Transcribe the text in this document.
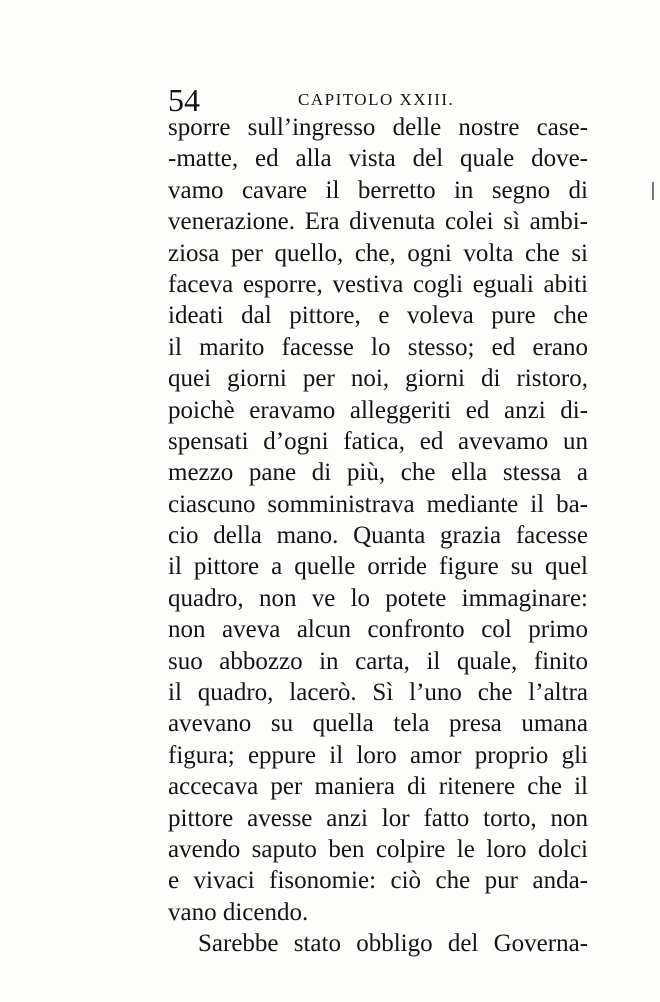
54	CAPITOLO XXIII.
sporre sull’ingresso delle nostre case-
-matte, ed alla vista del quale dove-
vamo cavare il berretto in segno di
venerazione. Era divenuta colei sì ambi-
ziosa per quello, che, ogni volta che si
faceva esporre, vestiva cogli eguali abiti
ideati dal pittore, e voleva pure che
il marito facesse lo stesso; ed erano
quei giorni per noi, giorni di ristoro,
poichè eravamo alleggeriti ed anzi di-
spensati d’ogni fatica, ed avevamo un
mezzo pane di più, che ella stessa a
ciascuno somministrava mediante il ba-
cio della mano. Quanta grazia facesse
il pittore a quelle orride figure su quel
quadro, non ve lo potete immaginare:
non aveva alcun confronto col primo
suo abbozzo in carta, il quale, finito
il quadro, lacerò. Sì l’uno che l’altra
avevano su quella tela presa umana
figura; eppure il loro amor proprio gli
accecava per maniera di ritenere che il
pittore avesse anzi lor fatto torto, non
avendo saputo ben colpire le loro dolci
e vivaci fisonomie: ciò che pur anda-
vano dicendo.
Sarebbe stato obbligo del Governa-
